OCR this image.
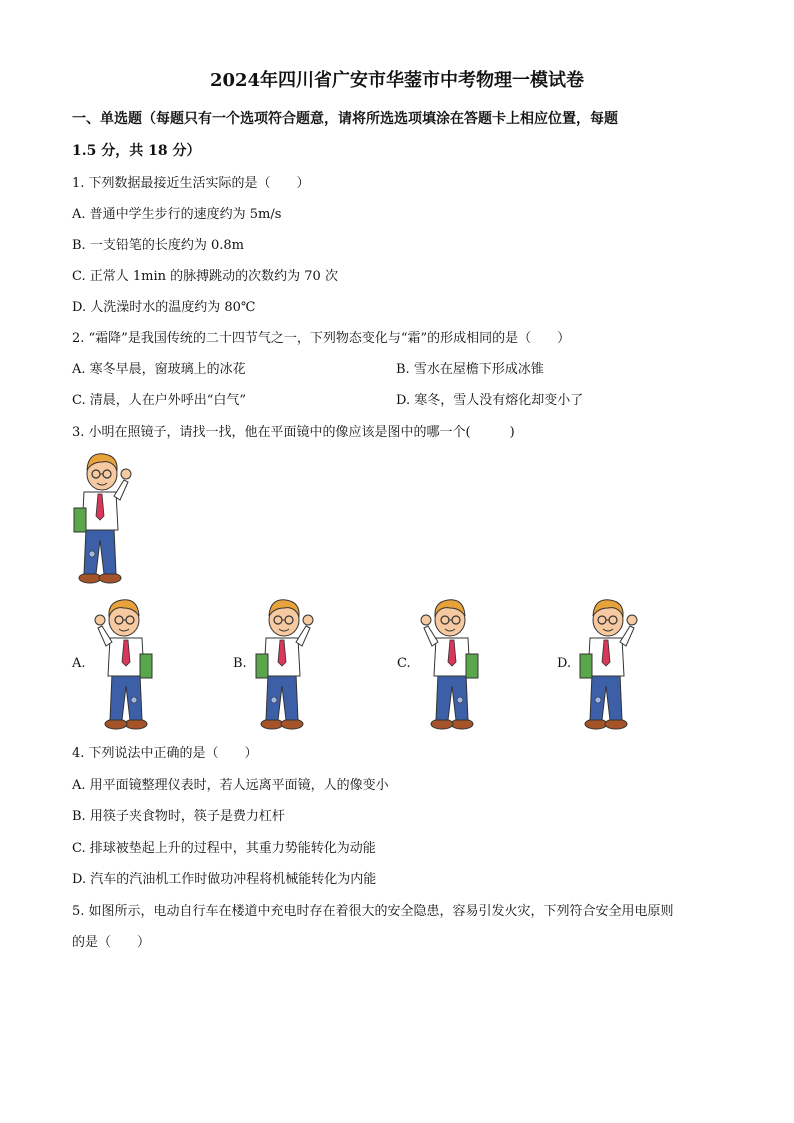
2024年四川省广安市华蓥市中考物理一模试卷
一、单选题（每题只有一个选项符合题意，请将所选选项填涂在答题卡上相应位置，每题
1.5 分，共 18 分）
1. 下列数据最接近生活实际的是（　　）
A. 普通中学生步行的速度约为 5m/s
B. 一支铅笔的长度约为 0.8m
C. 正常人 1min 的脉搏跳动的次数约为 70 次
D. 人洗澡时水的温度约为 80℃
2. “霜降”是我国传统的二十四节气之一，下列物态变化与“霜”的形成相同的是（　　）
A. 寒冬早晨，窗玻璃上的冰花	B. 雪水在屋檐下形成冰锥
C. 清晨，人在户外呼出“白气”	D. 寒冬，雪人没有熔化却变小了
3. 小明在照镜子，请找一找，他在平面镜中的像应该是图中的哪一个(　　　)
A.	B.	C.	D.
4. 下列说法中正确的是（　　）
A. 用平面镜整理仪表时，若人远离平面镜，人的像变小
B. 用筷子夹食物时，筷子是费力杠杆
C. 排球被垫起上升的过程中，其重力势能转化为动能
D. 汽车的汽油机工作时做功冲程将机械能转化为内能
5. 如图所示，电动自行车在楼道中充电时存在着很大的安全隐患，容易引发火灾，下列符合安全用电原则
的是（　　）
